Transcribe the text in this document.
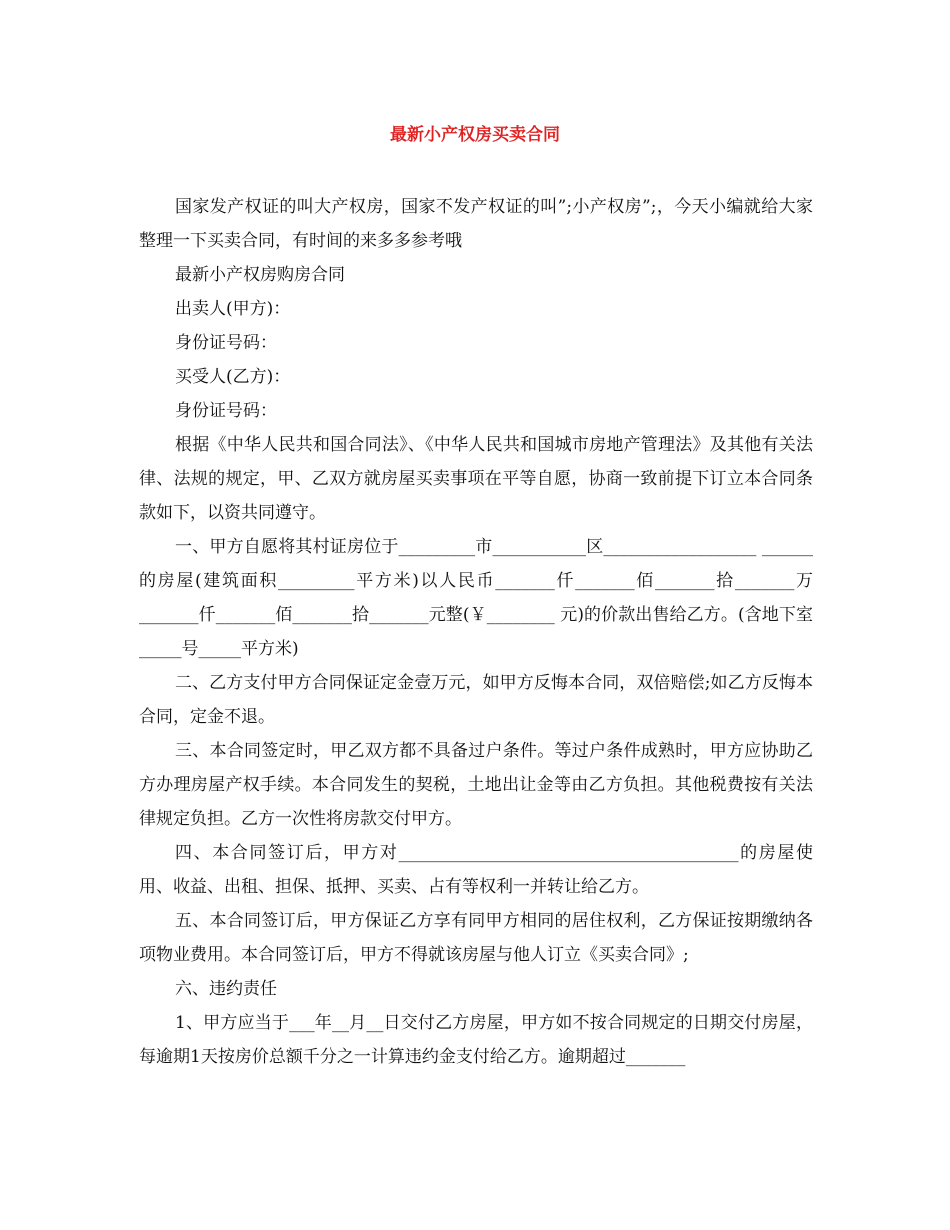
最新小产权房买卖合同

国家发产权证的叫大产权房，国家不发产权证的叫”;小产权房”;，今天小编就给大家整理一下买卖合同，有时间的来多多参考哦

最新小产权房购房合同

出卖人(甲方)：

身份证号码：

买受人(乙方)：

身份证号码：

根据《中华人民共和国合同法》、《中华人民共和国城市房地产管理法》及其他有关法 律、法规的规定，甲、乙双方就房屋买卖事项在平等自愿，协商一致前提下订立本合同条款如下，以资共同遵守。

一、甲方自愿将其村证房位于_________市___________区__________________ ______的房屋(建筑面积_________平方米)以人民币_______仟_______佰_______拾_______万_______仟_______佰_______拾_______元整(￥________ 元)的价款出售给乙方。(含地下室_____号_____平方米)

二、乙方支付甲方合同保证定金壹万元，如甲方反悔本合同，双倍赔偿;如乙方反悔本合同，定金不退。

三、本合同签定时，甲乙双方都不具备过户条件。等过户条件成熟时，甲方应协助乙方办理房屋产权手续。本合同发生的契税，土地出让金等由乙方负担。其他税费按有关法律规定负担。乙方一次性将房款交付甲方。

四、本合同签订后，甲方对________________________________________的房屋使用、收益、出租、担保、抵押、买卖、占有等权利一并转让给乙方。

五、本合同签订后，甲方保证乙方享有同甲方相同的居住权利，乙方保证按期缴纳各项物业费用。本合同签订后，甲方不得就该房屋与他人订立《买卖合同》;

六、违约责任

1、甲方应当于___年__月__日交付乙方房屋，甲方如不按合同规定的日期交付房屋，每逾期1天按房价总额千分之一计算违约金支付给乙方。逾期超过_______
